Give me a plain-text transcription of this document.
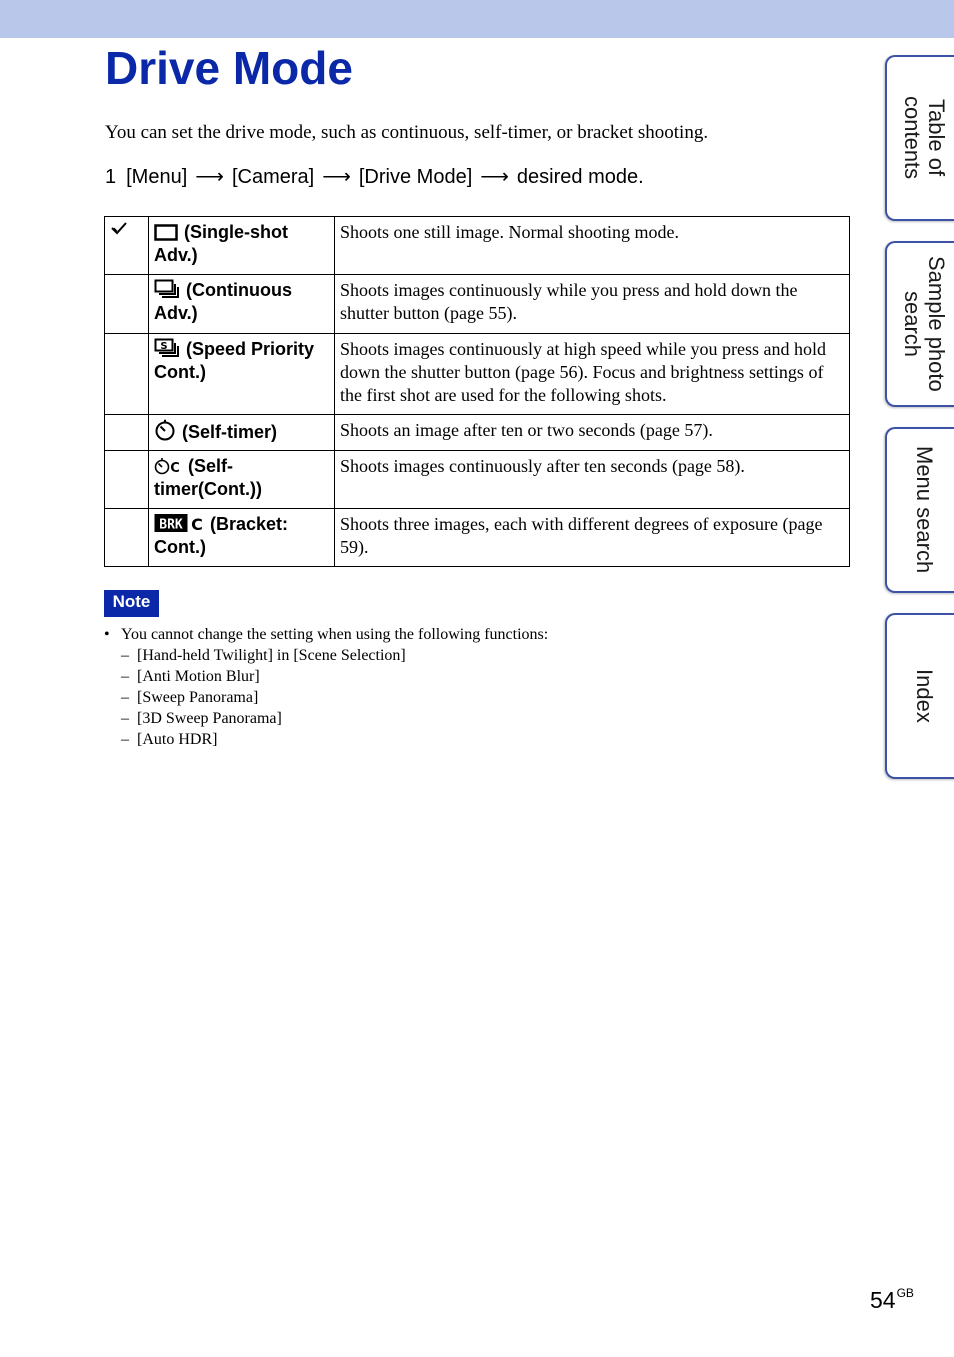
Drive Mode
You can set the drive mode, such as continuous, self-timer, or bracket shooting.
1 [Menu] ⟶ [Camera] ⟶ [Drive Mode] ⟶ desired mode.
	(Single-shot Adv.)	Shoots one still image. Normal shooting mode.
	(Continuous Adv.)	Shoots images continuously while you press and hold down the shutter button (page 55).

S (Speed Priority Cont.)	Shoots images continuously at high speed while you press and hold down the shutter button (page 56). Focus and brightness settings of the first shot are used for the following shots.
	(Self-timer)	Shoots an image after ten or two seconds (page 57).

C (Self-timer(Cont.))	Shoots images continuously after ten seconds (page 58).

BRK C (Bracket: Cont.)	Shoots three images, each with different degrees of exposure (page 59).
Note
• You cannot change the setting when using the following functions:
– [Hand-held Twilight] in [Scene Selection]
– [Anti Motion Blur]
– [Sweep Panorama]
– [3D Sweep Panorama]
– [Auto HDR]
Table of contents
Sample photo search
Menu search
Index
$54^{GB}$
